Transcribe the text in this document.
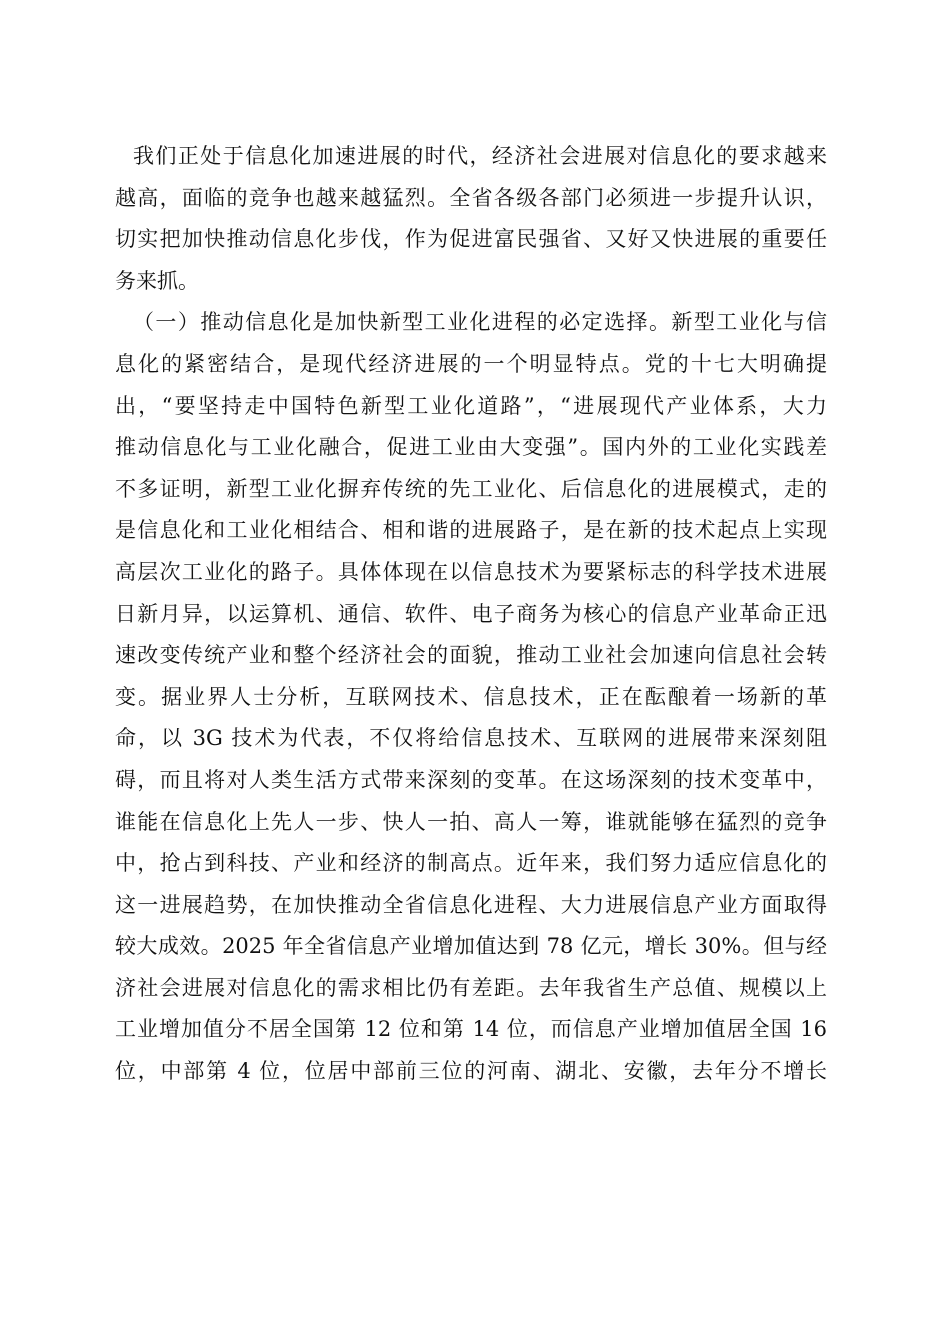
我们正处于信息化加速进展的时代，经济社会进展对信息化的要求越来
越高，面临的竞争也越来越猛烈。全省各级各部门必须进一步提升认识，
切实把加快推动信息化步伐，作为促进富民强省、又好又快进展的重要任
务来抓。
（一）推动信息化是加快新型工业化进程的必定选择。新型工业化与信
息化的紧密结合，是现代经济进展的一个明显特点。党的十七大明确提
出，“要坚持走中国特色新型工业化道路”，“进展现代产业体系，大力
推动信息化与工业化融合，促进工业由大变强”。国内外的工业化实践差
不多证明，新型工业化摒弃传统的先工业化、后信息化的进展模式，走的
是信息化和工业化相结合、相和谐的进展路子，是在新的技术起点上实现
高层次工业化的路子。具体体现在以信息技术为要紧标志的科学技术进展
日新月异，以运算机、通信、软件、电子商务为核心的信息产业革命正迅
速改变传统产业和整个经济社会的面貌，推动工业社会加速向信息社会转
变。据业界人士分析，互联网技术、信息技术，正在酝酿着一场新的革
命，以 3G 技术为代表，不仅将给信息技术、互联网的进展带来深刻阻
碍，而且将对人类生活方式带来深刻的变革。在这场深刻的技术变革中，
谁能在信息化上先人一步、快人一拍、高人一筹，谁就能够在猛烈的竞争
中，抢占到科技、产业和经济的制高点。近年来，我们努力适应信息化的
这一进展趋势，在加快推动全省信息化进程、大力进展信息产业方面取得
较大成效。2025 年全省信息产业增加值达到 78 亿元，增长 30%。但与经
济社会进展对信息化的需求相比仍有差距。去年我省生产总值、规模以上
工业增加值分不居全国第 12 位和第 14 位，而信息产业增加值居全国 16
位，中部第 4 位，位居中部前三位的河南、湖北、安徽，去年分不增长
